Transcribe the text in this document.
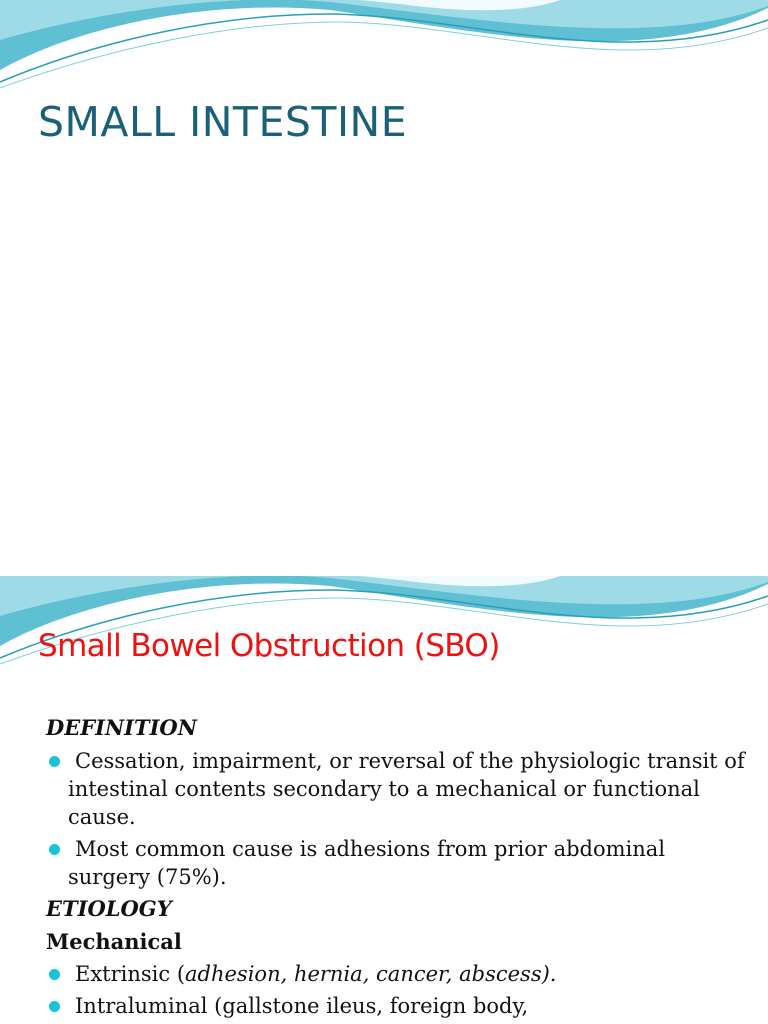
SMALL INTESTINE
Small Bowel Obstruction (SBO)
DEFINITION
Cessation, impairment, or reversal of the physiologic transit of intestinal contents secondary to a mechanical or functional cause.
Most common cause is adhesions from prior abdominal surgery (75%).
ETIOLOGY
Mechanical
Extrinsic (adhesion, hernia, cancer, abscess).
Intraluminal (gallstone ileus, foreign body,
